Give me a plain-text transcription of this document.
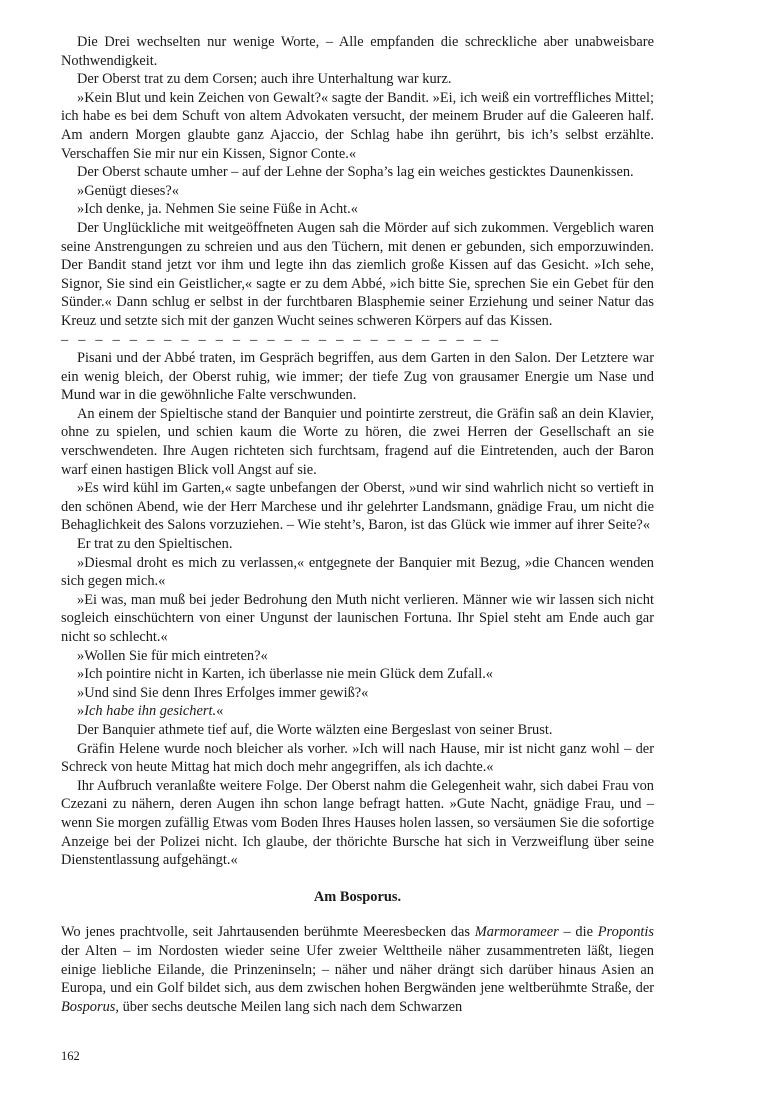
Die Drei wechselten nur wenige Worte, – Alle empfanden die schreckliche aber unabweisbare Nothwendigkeit.

Der Oberst trat zu dem Corsen; auch ihre Unterhaltung war kurz.

»Kein Blut und kein Zeichen von Gewalt?« sagte der Bandit. »Ei, ich weiß ein vortreffliches Mittel; ich habe es bei dem Schuft von altem Advokaten versucht, der meinem Bruder auf die Galeeren half. Am andern Morgen glaubte ganz Ajaccio, der Schlag habe ihn gerührt, bis ich’s selbst erzählte. Verschaffen Sie mir nur ein Kissen, Signor Conte.«

Der Oberst schaute umher – auf der Lehne der Sopha’s lag ein weiches gesticktes Daunenkissen.

»Genügt dieses?«

»Ich denke, ja. Nehmen Sie seine Füße in Acht.«

Der Unglückliche mit weitgeöffneten Augen sah die Mörder auf sich zukommen. Vergeblich waren seine Anstrengungen zu schreien und aus den Tüchern, mit denen er gebunden, sich emporzuwinden. Der Bandit stand jetzt vor ihm und legte ihn das ziemlich große Kissen auf das Gesicht. »Ich sehe, Signor, Sie sind ein Geistlicher,« sagte er zu dem Abbé, »ich bitte Sie, sprechen Sie ein Gebet für den Sünder.« Dann schlug er selbst in der furchtbaren Blasphemie seiner Erziehung und seiner Natur das Kreuz und setzte sich mit der ganzen Wucht seines schweren Körpers auf das Kissen.

– – – – – – – – – – – – – – – – – – – – – – – – – –

Pisani und der Abbé traten, im Gespräch begriffen, aus dem Garten in den Salon. Der Letztere war ein wenig bleich, der Oberst ruhig, wie immer; der tiefe Zug von grausamer Energie um Nase und Mund war in die gewöhnliche Falte verschwunden.

An einem der Spieltische stand der Banquier und pointirte zerstreut, die Gräfin saß an dein Klavier, ohne zu spielen, und schien kaum die Worte zu hören, die zwei Herren der Gesellschaft an sie verschwendeten. Ihre Augen richteten sich furchtsam, fragend auf die Eintretenden, auch der Baron warf einen hastigen Blick voll Angst auf sie.

»Es wird kühl im Garten,« sagte unbefangen der Oberst, »und wir sind wahrlich nicht so vertieft in den schönen Abend, wie der Herr Marchese und ihr gelehrter Landsmann, gnädige Frau, um nicht die Behaglichkeit des Salons vorzuziehen. – Wie steht’s, Baron, ist das Glück wie immer auf ihrer Seite?«

Er trat zu den Spieltischen.

»Diesmal droht es mich zu verlassen,« entgegnete der Banquier mit Bezug, »die Chancen wenden sich gegen mich.«

»Ei was, man muß bei jeder Bedrohung den Muth nicht verlieren. Männer wie wir lassen sich nicht sogleich einschüchtern von einer Ungunst der launischen Fortuna. Ihr Spiel steht am Ende auch gar nicht so schlecht.«

»Wollen Sie für mich eintreten?«

»Ich pointire nicht in Karten, ich überlasse nie mein Glück dem Zufall.«

»Und sind Sie denn Ihres Erfolges immer gewiß?«

»Ich habe ihn gesichert.«

Der Banquier athmete tief auf, die Worte wälzten eine Bergeslast von seiner Brust.

Gräfin Helene wurde noch bleicher als vorher. »Ich will nach Hause, mir ist nicht ganz wohl – der Schreck von heute Mittag hat mich doch mehr angegriffen, als ich dachte.«

Ihr Aufbruch veranlaßte weitere Folge. Der Oberst nahm die Gelegenheit wahr, sich dabei Frau von Czezani zu nähern, deren Augen ihn schon lange befragt hatten. »Gute Nacht, gnädige Frau, und – wenn Sie morgen zufällig Etwas vom Boden Ihres Hauses holen lassen, so versäumen Sie die sofortige Anzeige bei der Polizei nicht. Ich glaube, der thörichte Bursche hat sich in Verzweiflung über seine Dienstentlassung aufgehängt.«

Am Bosporus.

Wo jenes prachtvolle, seit Jahrtausenden berühmte Meeresbecken das Marmorameer – die Propontis der Alten – im Nordosten wieder seine Ufer zweier Welttheile näher zusammentreten läßt, liegen einige liebliche Eilande, die Prinzeninseln; – näher und näher drängt sich darüber hinaus Asien an Europa, und ein Golf bildet sich, aus dem zwischen hohen Bergwänden jene weltberühmte Straße, der Bosporus, über sechs deutsche Meilen lang sich nach dem Schwarzen

162
